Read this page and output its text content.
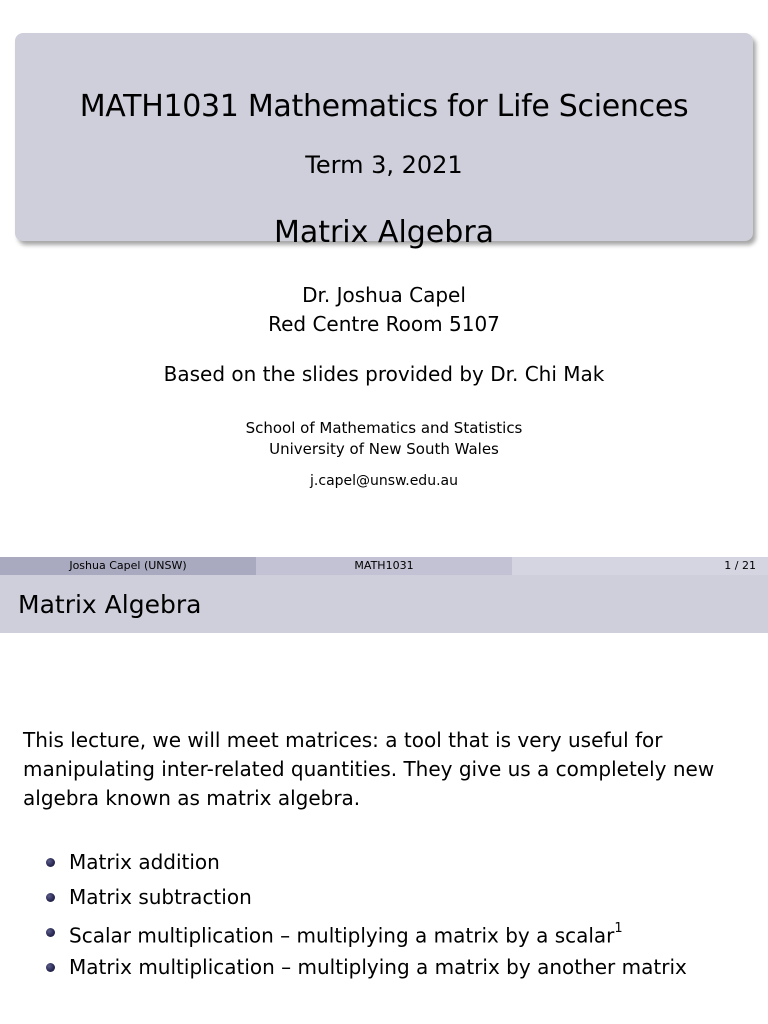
MATH1031 Mathematics for Life Sciences
Term 3, 2021
Matrix Algebra
Dr. Joshua Capel
Red Centre Room 5107
Based on the slides provided by Dr. Chi Mak
School of Mathematics and Statistics
University of New South Wales
j.capel@unsw.edu.au
Joshua Capel (UNSW)	MATH1031	1 / 21
Matrix Algebra
This lecture, we will meet matrices: a tool that is very useful for
manipulating inter-related quantities. They give us a completely new
algebra known as matrix algebra.
Matrix addition
Matrix subtraction
Scalar multiplication – multiplying a matrix by a scalar$^1$
Matrix multiplication – multiplying a matrix by another matrix
